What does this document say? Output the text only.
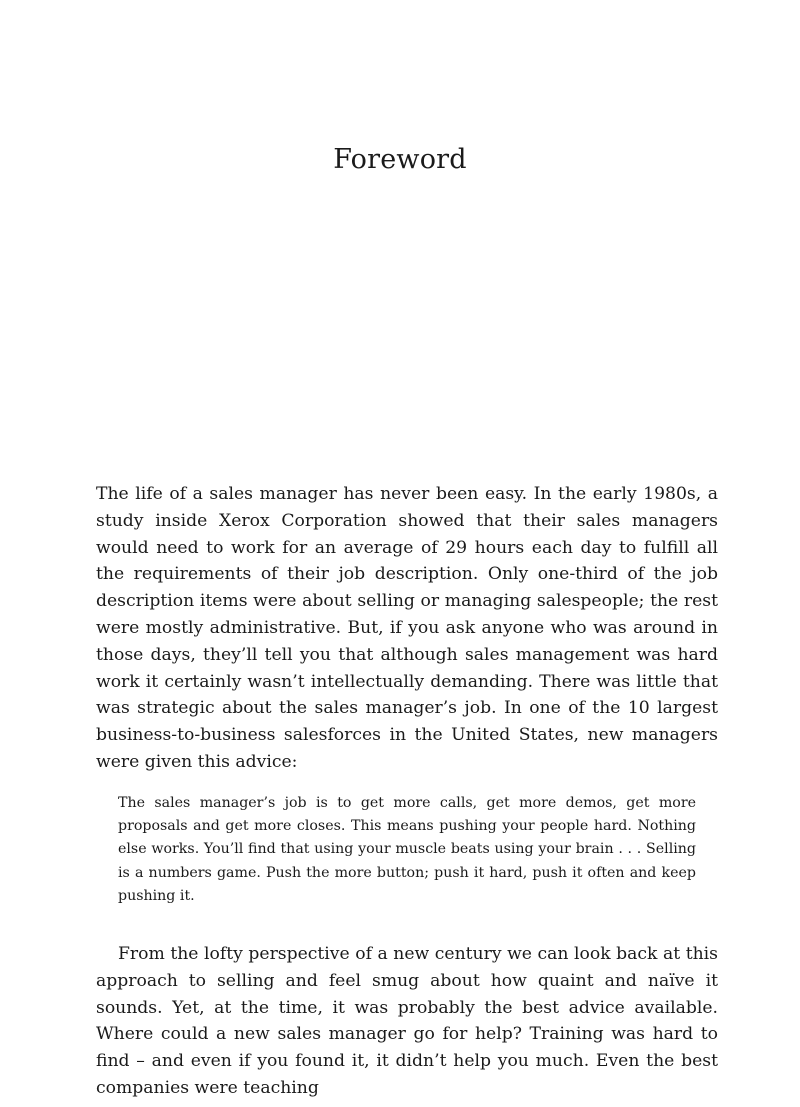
Foreword

The life of a sales manager has never been easy. In the early 1980s, a study inside Xerox Corporation showed that their sales managers would need to work for an average of 29 hours each day to fulfill all the requirements of their job description. Only one-third of the job description items were about selling or managing salespeople; the rest were mostly administrative. But, if you ask anyone who was around in those days, they’ll tell you that although sales management was hard work it certainly wasn’t intellectually demanding. There was little that was strategic about the sales manager’s job. In one of the 10 largest business-to-business salesforces in the United States, new managers were given this advice:

The sales manager’s job is to get more calls, get more demos, get more proposals and get more closes. This means pushing your people hard. Nothing else works. You’ll find that using your muscle beats using your brain . . . Selling is a numbers game. Push the more button; push it hard, push it often and keep pushing it.

From the lofty perspective of a new century we can look back at this approach to selling and feel smug about how quaint and naïve it sounds. Yet, at the time, it was probably the best advice available. Where could a new sales manager go for help? Training was hard to find – and even if you found it, it didn’t help you much. Even the best companies were teaching
